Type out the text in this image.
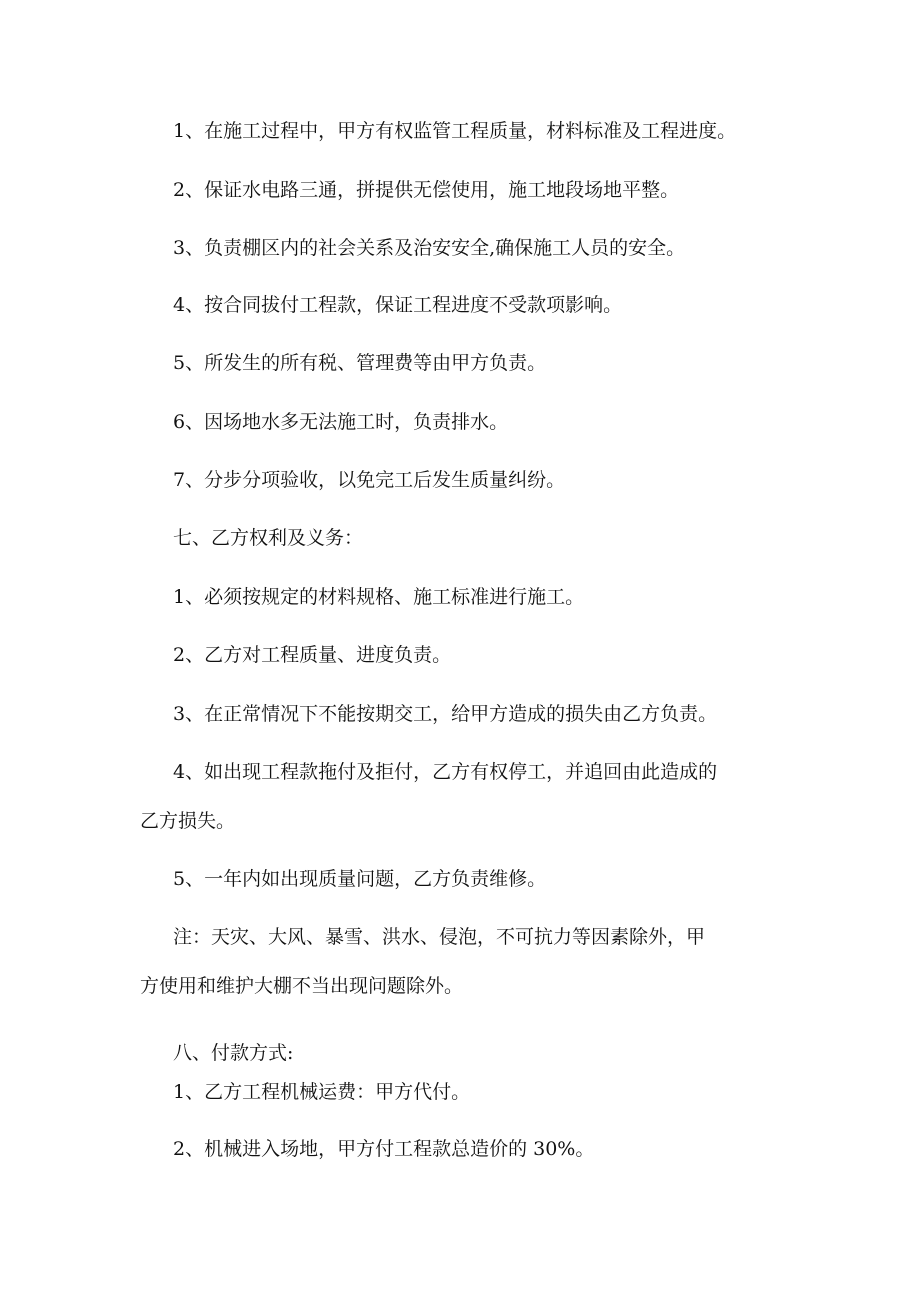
1、在施工过程中，甲方有权监管工程质量，材料标准及工程进度。
2、保证水电路三通，拼提供无偿使用，施工地段场地平整。
3、负责棚区内的社会关系及治安安全,确保施工人员的安全。
4、按合同拔付工程款，保证工程进度不受款项影响。
5、所发生的所有税、管理费等由甲方负责。
6、因场地水多无法施工时，负责排水。
7、分步分项验收，以免完工后发生质量纠纷。
七、乙方权利及义务：
1、必须按规定的材料规格、施工标准进行施工。
2、乙方对工程质量、进度负责。
3、在正常情况下不能按期交工，给甲方造成的损失由乙方负责。
4、如出现工程款拖付及拒付，乙方有权停工，并追回由此造成的
乙方损失。
5、一年内如出现质量问题，乙方负责维修。
注：天灾、大风、暴雪、洪水、侵泡，不可抗力等因素除外，甲
方使用和维护大棚不当出现问题除外。
八、付款方式:
1、乙方工程机械运费：甲方代付。
2、机械进入场地，甲方付工程款总造价的 30%。
